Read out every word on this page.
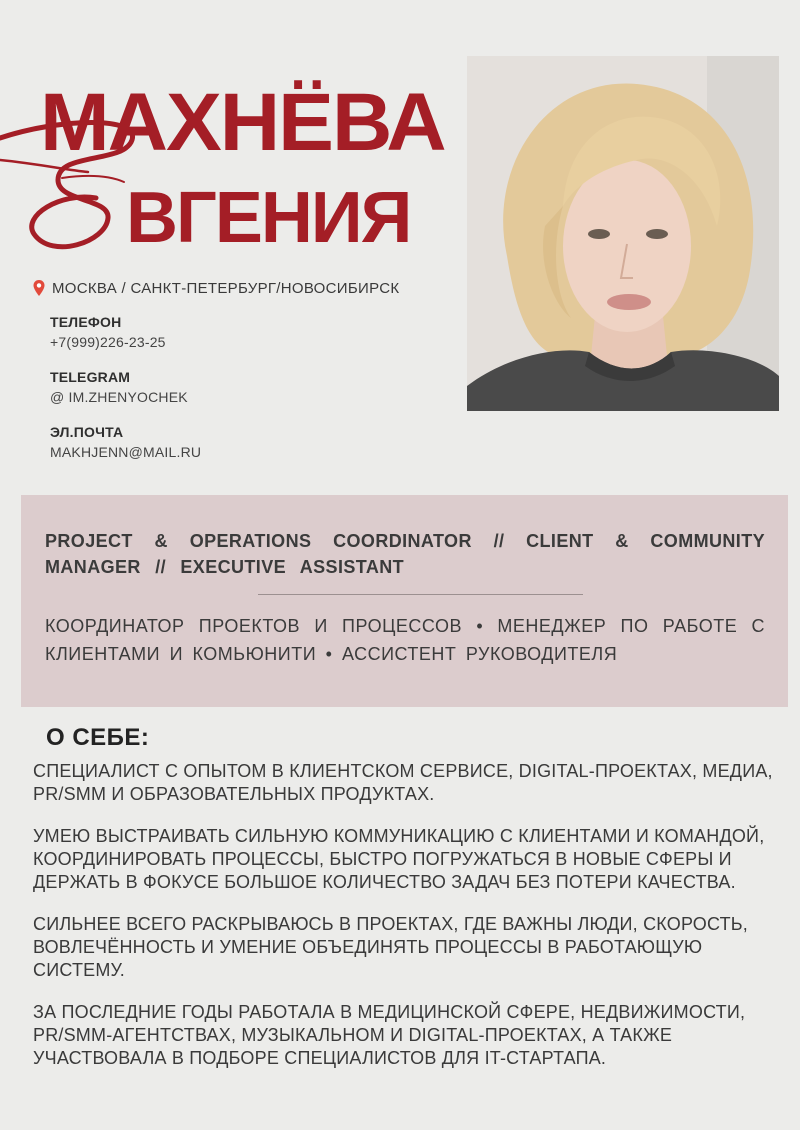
МАХНЁВА
ВГЕНИЯ
МОСКВА / САНКТ-ПЕТЕРБУРГ/НОВОСИБИРСК
ТЕЛЕФОН
+7(999)226-23-25
TELEGRAM
@ IM.ZHENYOCHEK
ЭЛ.ПОЧТА
MAKHJENN@MAIL.RU
PROJECT & OPERATIONS COORDINATOR // CLIENT & COMMUNITY MANAGER // EXECUTIVE ASSISTANT
КООРДИНАТОР ПРОЕКТОВ И ПРОЦЕССОВ • МЕНЕДЖЕР ПО РАБОТЕ С КЛИЕНТАМИ И КОМЬЮНИТИ • АССИСТЕНТ РУКОВОДИТЕЛЯ
О СЕБЕ:

СПЕЦИАЛИСТ С ОПЫТОМ В КЛИЕНТСКОМ СЕРВИСЕ, DIGITAL-ПРОЕКТАХ, МЕДИА, PR/SMM И ОБРАЗОВАТЕЛЬНЫХ ПРОДУКТАХ.

УМЕЮ ВЫСТРАИВАТЬ СИЛЬНУЮ КОММУНИКАЦИЮ С КЛИЕНТАМИ И КОМАНДОЙ, КООРДИНИРОВАТЬ ПРОЦЕССЫ, БЫСТРО ПОГРУЖАТЬСЯ В НОВЫЕ СФЕРЫ И ДЕРЖАТЬ В ФОКУСЕ БОЛЬШОЕ КОЛИЧЕСТВО ЗАДАЧ БЕЗ ПОТЕРИ КАЧЕСТВА.

СИЛЬНЕЕ ВСЕГО РАСКРЫВАЮСЬ В ПРОЕКТАХ, ГДЕ ВАЖНЫ ЛЮДИ, СКОРОСТЬ, ВОВЛЕЧЁННОСТЬ И УМЕНИЕ ОБЪЕДИНЯТЬ ПРОЦЕССЫ В РАБОТАЮЩУЮ СИСТЕМУ.

ЗА ПОСЛЕДНИЕ ГОДЫ РАБОТАЛА В МЕДИЦИНСКОЙ СФЕРЕ, НЕДВИЖИМОСТИ, PR/SMM-АГЕНТСТВАХ, МУЗЫКАЛЬНОМ И DIGITAL-ПРОЕКТАХ, А ТАКЖЕ УЧАСТВОВАЛА В ПОДБОРЕ СПЕЦИАЛИСТОВ ДЛЯ IT-СТАРТАПА.
